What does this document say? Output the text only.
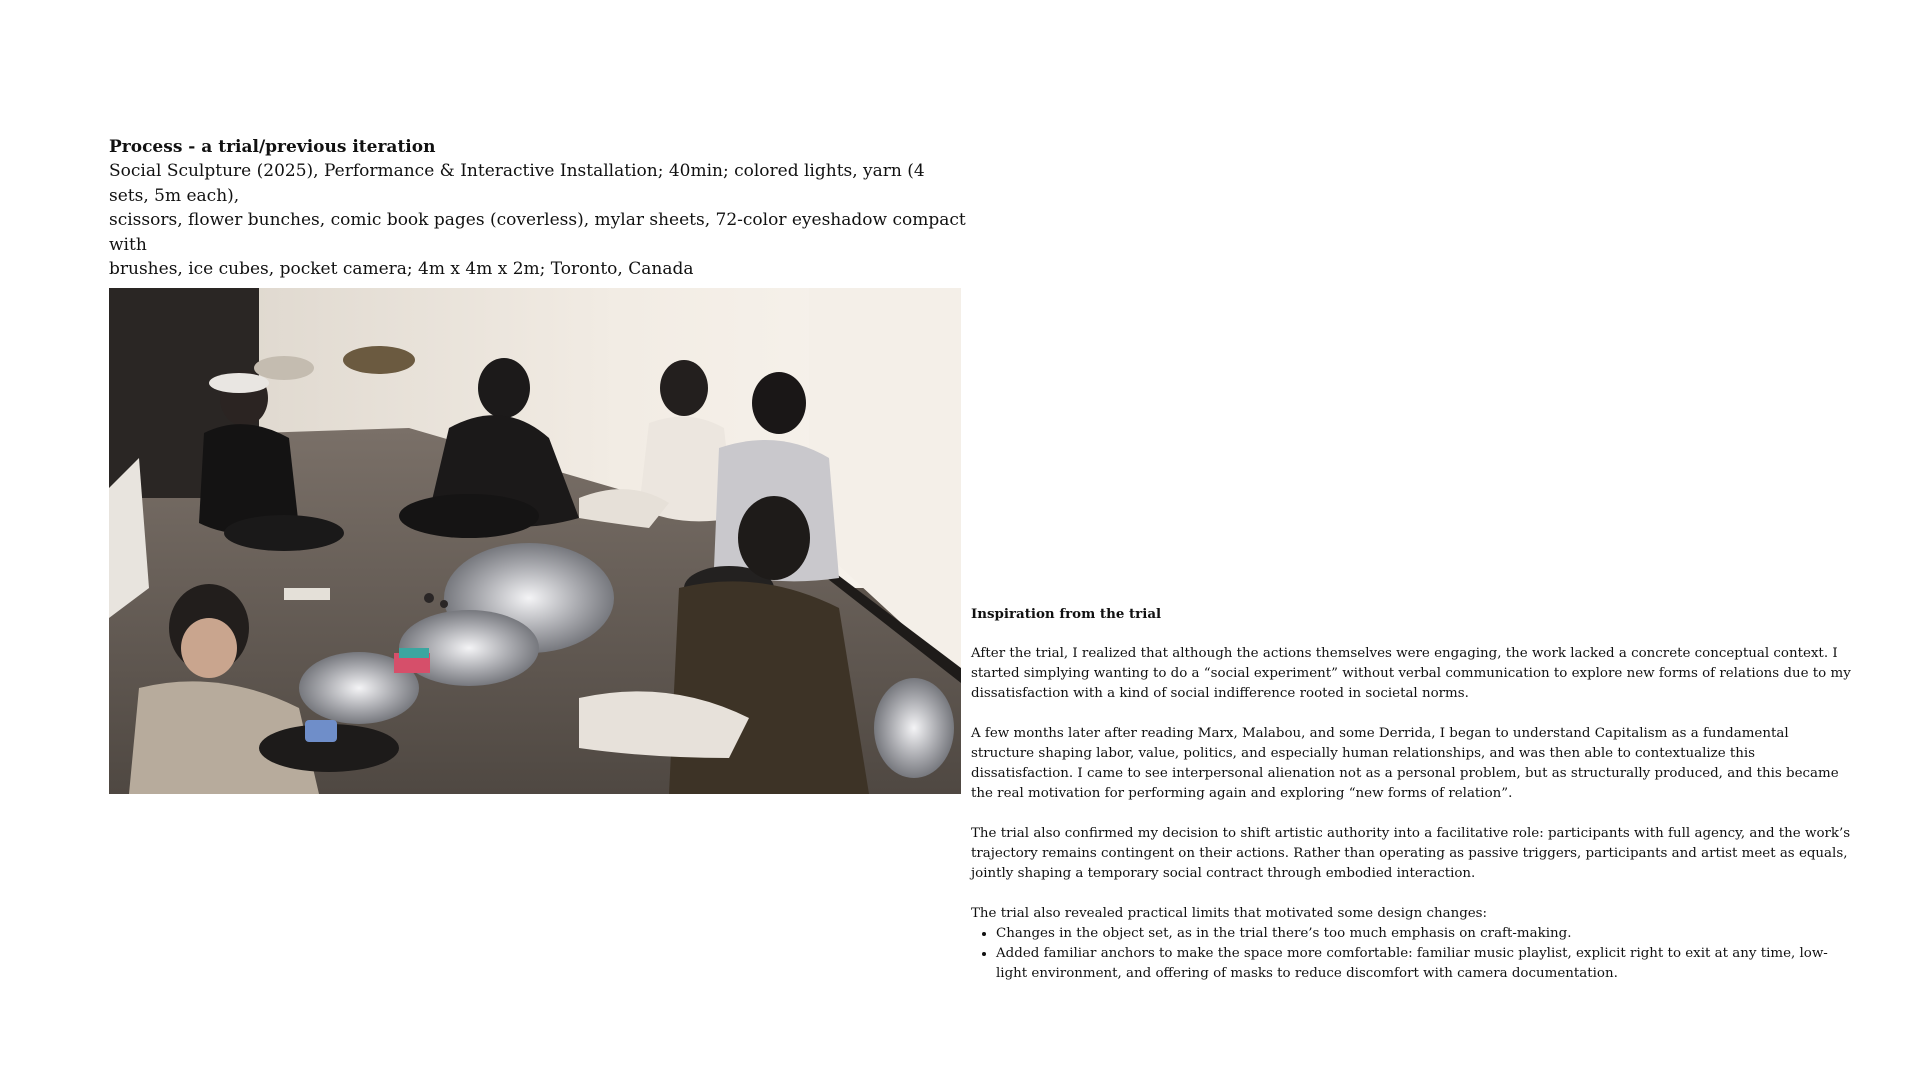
Process - a trial/previous iteration

Social Sculpture (2025), Performance & Interactive Installation; 40min; colored lights, yarn (4 sets, 5m each),
scissors, flower bunches, comic book pages (coverless), mylar sheets, 72-color eyeshadow compact with
brushes, ice cubes, pocket camera; 4m x 4m x 2m; Toronto, Canada

Inspiration from the trial

After the trial, I realized that although the actions themselves were engaging, the work lacked a concrete conceptual context. I started simplying wanting to do a “social experiment” without verbal communication to explore new forms of relations due to my dissatisfaction with a kind of social indifference rooted in societal norms.

A few months later after reading Marx, Malabou, and some Derrida, I began to understand Capitalism as a fundamental structure shaping labor, value, politics, and especially human relationships, and was then able to contextualize this dissatisfaction. I came to see interpersonal alienation not as a personal problem, but as structurally produced, and this became the real motivation for performing again and exploring “new forms of relation”.

The trial also confirmed my decision to shift artistic authority into a facilitative role: participants with full agency, and the work’s trajectory remains contingent on their actions. Rather than operating as passive triggers, participants and artist meet as equals, jointly shaping a temporary social contract through embodied interaction.

The trial also revealed practical limits that motivated some design changes:

• Changes in the object set, as in the trial there’s too much emphasis on craft-making.
• Added familiar anchors to make the space more comfortable: familiar music playlist, explicit right to exit at any time, low-light environment, and offering of masks to reduce discomfort with camera documentation.
